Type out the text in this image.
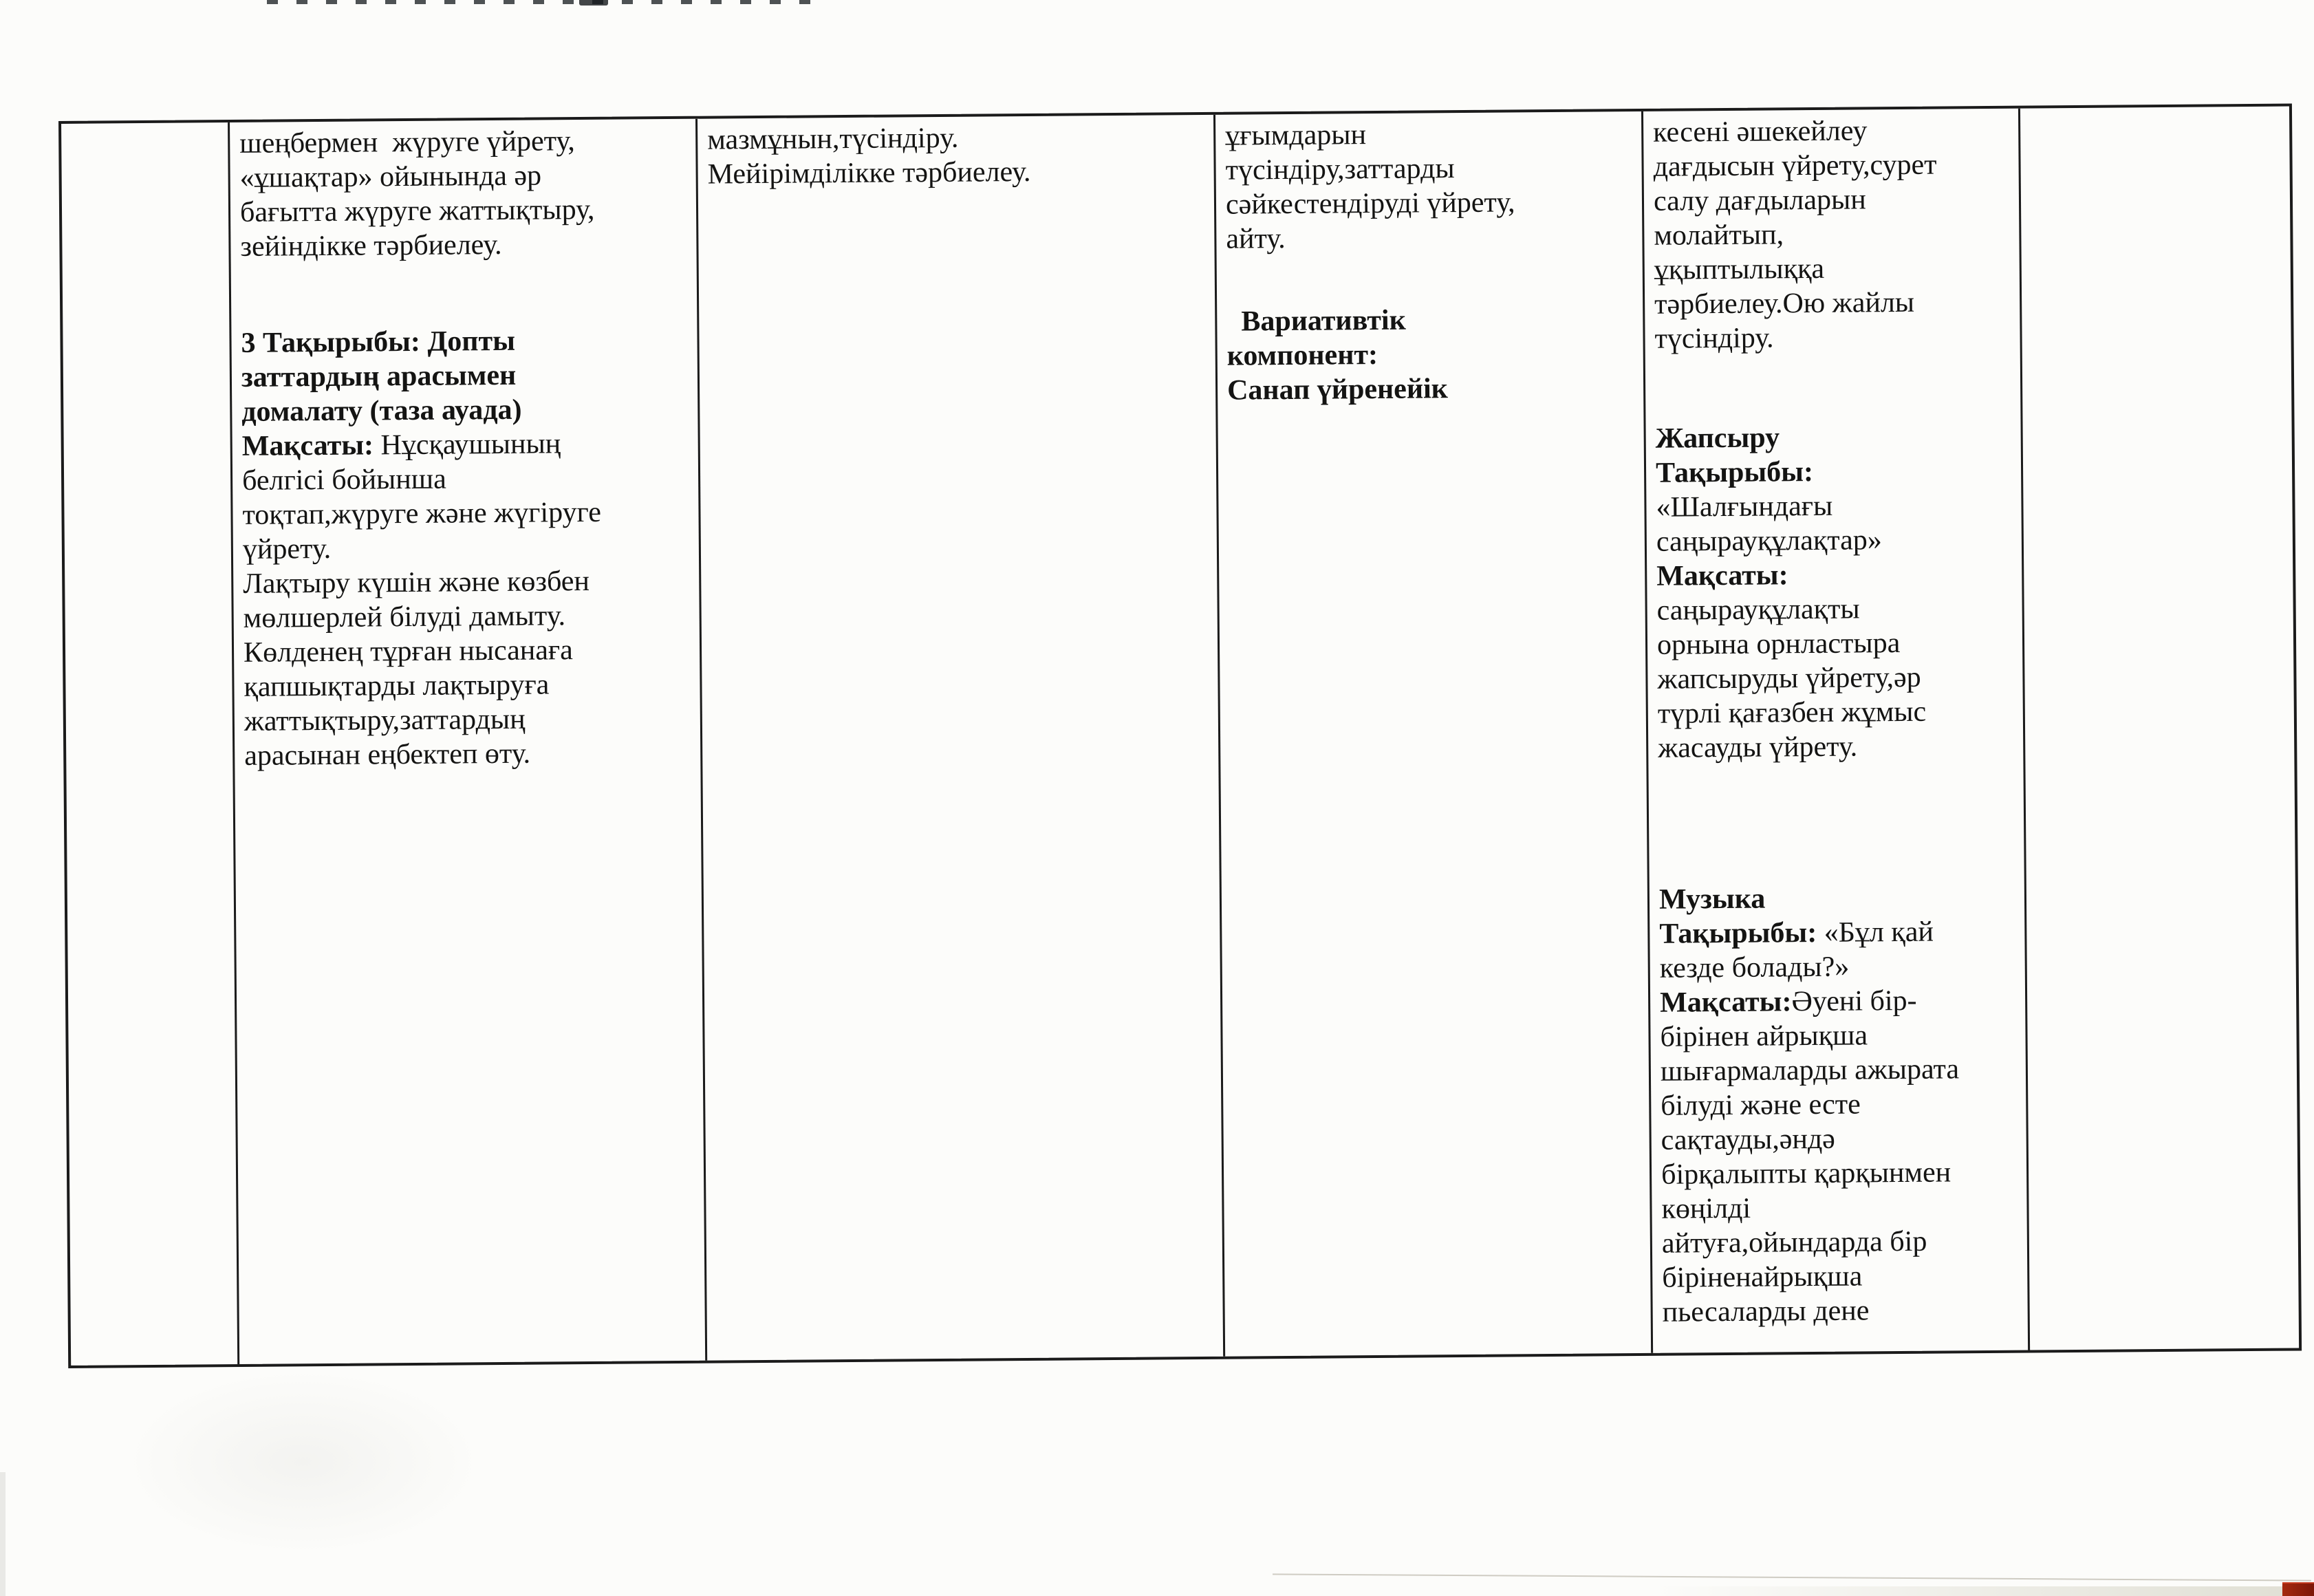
шеңбермен  жүруге үйрету,
«ұшақтар» ойынында әр
бағытта жүруге жаттықтыру,
зейіндікке тәрбиелеу.
3 Тақырыбы: Допты
заттардың арасымен
домалату (таза ауада)
Мақсаты: Нұсқаушының
белгісі бойынша
тоқтап,жүруге және жүгіруге
үйрету.
Лақтыру күшін және көзбен
мөлшерлей білуді дамыту.
Көлденең тұрған нысанаға
қапшықтарды лақтыруға
жаттықтыру,заттардың
арасынан еңбектеп өту.
мазмұнын,түсіндіру.
Мейірімділікке тәрбиелеу.
ұғымдарын
түсіндіру,заттарды
сәйкестендіруді үйрету,
айту.
Вариативтік
компонент:
Санап үйренейік
кесені әшекейлеу
дағдысын үйрету,сурет
салу дағдыларын
молайтып,
ұқыптылыққа
тәрбиелеу.Ою жайлы
түсіндіру.
Жапсыру
Тақырыбы:
«Шалғындағы
саңырауқұлақтар»
Мақсаты:
саңырауқұлақты
орнына орнластыра
жапсыруды үйрету,әр
түрлі қағазбен жұмыс
жасауды үйрету.
Музыка
Тақырыбы: «Бұл қай
кезде болады?»
Мақсаты:Әуені бір-
бірінен айрықша
шығармаларды ажырата
білуді және есте
сақтауды,әндә
бірқалыпты қарқынмен
көңілді
айтуға,ойындарда бір
біріненайрықша
пьесаларды дене
